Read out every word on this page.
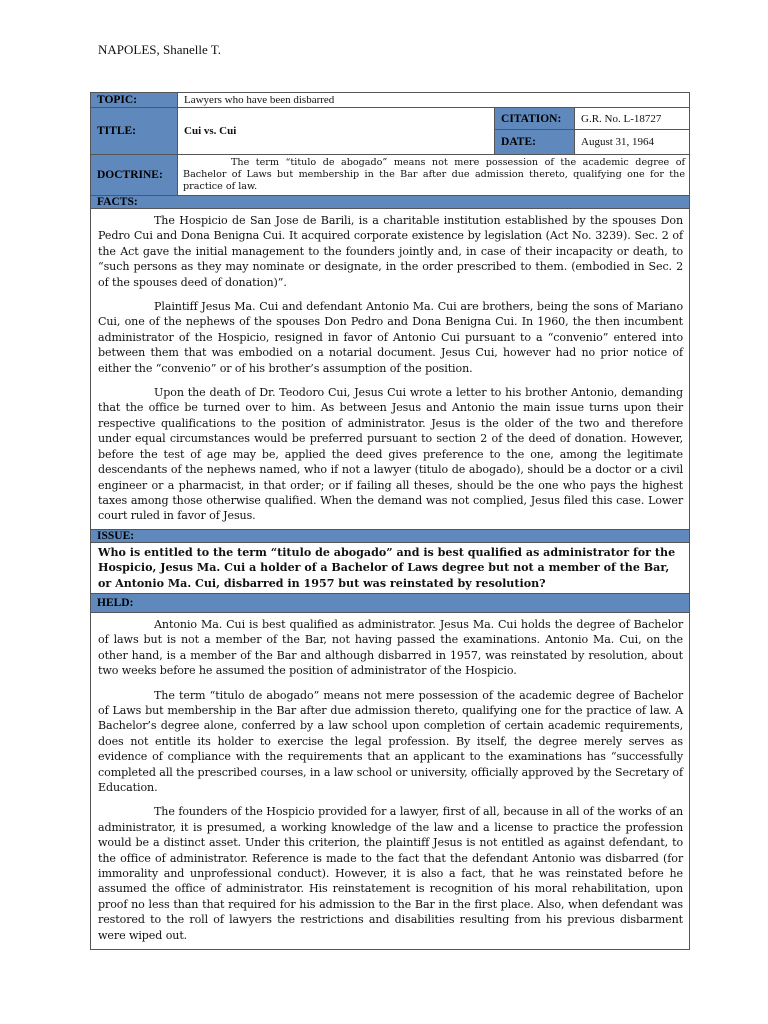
NAPOLES, Shanelle T.
TOPIC:	Lawyers who have been disbarred		
TITLE:	Cui vs. Cui	CITATION:	G.R. No. L-18727
		DATE:	August 31, 1964
DOCTRINE:	The term “titulo de abogado” means not mere possession of the academic degree of Bachelor of Laws but membership in the Bar after due admission thereto, qualifying one for the practice of law.		
FACTS:			

The Hospicio de San Jose de Barili, is a charitable institution established by the spouses Don Pedro Cui and Dona Benigna Cui. It acquired corporate existence by legislation (Act No. 3239). Sec. 2 of the Act gave the initial management to the founders jointly and, in case of their incapacity or death, to “such persons as they may nominate or designate, in the order prescribed to them. (embodied in Sec. 2 of the spouses deed of donation)”.

Plaintiff Jesus Ma. Cui and defendant Antonio Ma. Cui are brothers, being the sons of Mariano Cui, one of the nephews of the spouses Don Pedro and Dona Benigna Cui. In 1960, the then incumbent administrator of the Hospicio, resigned in favor of Antonio Cui pursuant to a “convenio” entered into between them that was embodied on a notarial document. Jesus Cui, however had no prior notice of either the “convenio” or of his brother’s assumption of the position.

Upon the death of Dr. Teodoro Cui, Jesus Cui wrote a letter to his brother Antonio, demanding that the office be turned over to him. As between Jesus and Antonio the main issue turns upon their respective qualifications to the position of administrator. Jesus is the older of the two and therefore under equal circumstances would be preferred pursuant to section 2 of the deed of donation. However, before the test of age may be, applied the deed gives preference to the one, among the legitimate descendants of the nephews named, who if not a lawyer (titulo de abogado), should be a doctor or a civil engineer or a pharmacist, in that order; or if failing all theses, should be the one who pays the highest taxes among those otherwise qualified. When the demand was not complied, Jesus filed this case. Lower court ruled in favor of Jesus.			

ISSUE:			
Who is entitled to the term “titulo de abogado” and is best qualified as administrator for the Hospicio, Jesus Ma. Cui a holder of a Bachelor of Laws degree but not a member of the Bar, or Antonio Ma. Cui, disbarred in 1957 but was reinstated by resolution?			
HELD:			

Antonio Ma. Cui is best qualified as administrator. Jesus Ma. Cui holds the degree of Bachelor of laws but is not a member of the Bar, not having passed the examinations. Antonio Ma. Cui, on the other hand, is a member of the Bar and although disbarred in 1957, was reinstated by resolution, about two weeks before he assumed the position of administrator of the Hospicio.

The term “titulo de abogado” means not mere possession of the academic degree of Bachelor of Laws but membership in the Bar after due admission thereto, qualifying one for the practice of law. A Bachelor’s degree alone, conferred by a law school upon completion of certain academic requirements, does not entitle its holder to exercise the legal profession. By itself, the degree merely serves as evidence of compliance with the requirements that an applicant to the examinations has “successfully completed all the prescribed courses, in a law school or university, officially approved by the Secretary of Education.

The founders of the Hospicio provided for a lawyer, first of all, because in all of the works of an administrator, it is presumed, a working knowledge of the law and a license to practice the profession would be a distinct asset. Under this criterion, the plaintiff Jesus is not entitled as against defendant, to the office of administrator. Reference is made to the fact that the defendant Antonio was disbarred (for immorality and unprofessional conduct). However, it is also a fact, that he was reinstated before he assumed the office of administrator. His reinstatement is recognition of his moral rehabilitation, upon proof no less than that required for his admission to the Bar in the first place. Also, when defendant was restored to the roll of lawyers the restrictions and disabilities resulting from his previous disbarment were wiped out.			
